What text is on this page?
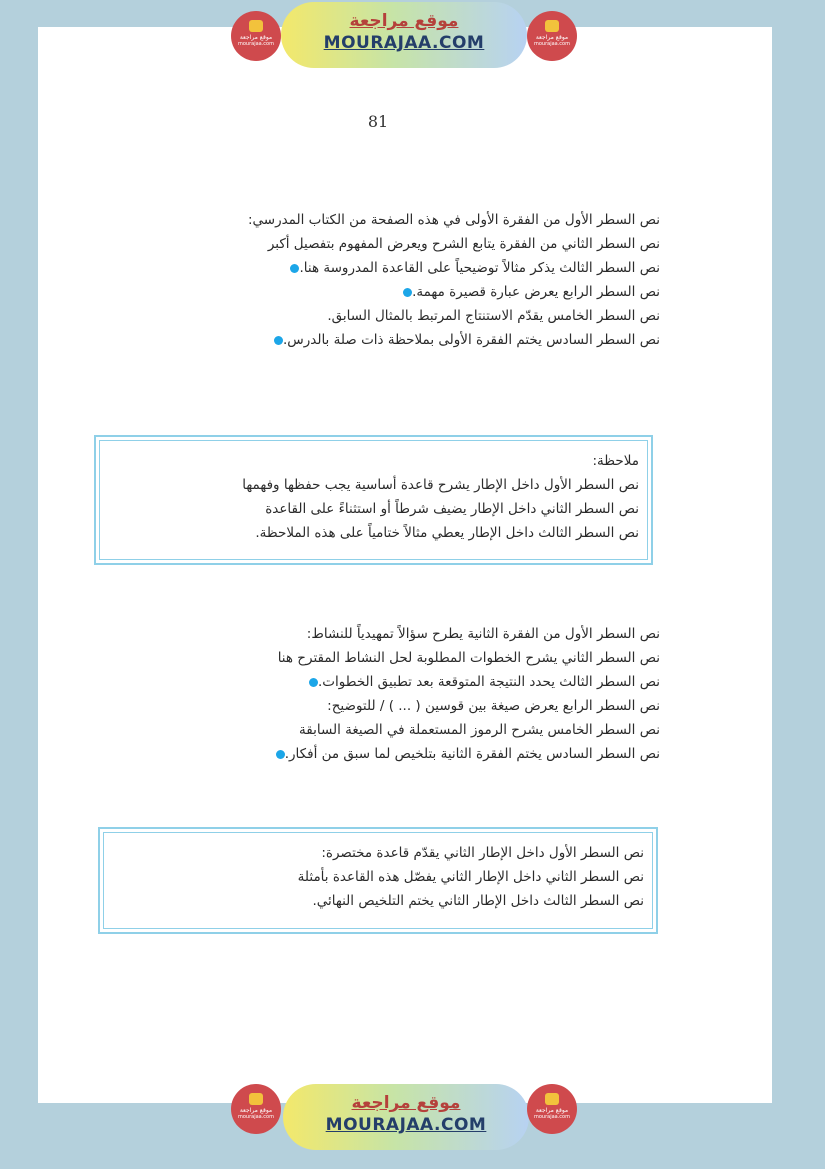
موقع مراجعة
mourajaa.com
موقع مراجعة
MOURAJAA.COM	موقع مراجعة
mourajaa.com
81
نص السطر الأول من الفقرة الأولى في هذه الصفحة من الكتاب المدرسي:
نص السطر الثاني من الفقرة يتابع الشرح ويعرض المفهوم بتفصيل أكبر
نص السطر الثالث يذكر مثالاً توضيحياً على القاعدة المدروسة هنا.
نص السطر الرابع يعرض عبارة قصيرة مهمة.
نص السطر الخامس يقدّم الاستنتاج المرتبط بالمثال السابق.
نص السطر السادس يختم الفقرة الأولى بملاحظة ذات صلة بالدرس.
ملاحظة:
نص السطر الأول داخل الإطار يشرح قاعدة أساسية يجب حفظها وفهمها
نص السطر الثاني داخل الإطار يضيف شرطاً أو استثناءً على القاعدة
نص السطر الثالث داخل الإطار يعطي مثالاً ختامياً على هذه الملاحظة.
نص السطر الأول من الفقرة الثانية يطرح سؤالاً تمهيدياً للنشاط:
نص السطر الثاني يشرح الخطوات المطلوبة لحل النشاط المقترح هنا
نص السطر الثالث يحدد النتيجة المتوقعة بعد تطبيق الخطوات.
نص السطر الرابع يعرض صيغة بين قوسين ( ... ) / للتوضيح:
نص السطر الخامس يشرح الرموز المستعملة في الصيغة السابقة
نص السطر السادس يختم الفقرة الثانية بتلخيص لما سبق من أفكار.
نص السطر الأول داخل الإطار الثاني يقدّم قاعدة مختصرة:
نص السطر الثاني داخل الإطار الثاني يفصّل هذه القاعدة بأمثلة
نص السطر الثالث داخل الإطار الثاني يختم التلخيص النهائي.
موقع مراجعة
mourajaa.com
موقع مراجعة
MOURAJAA.COM
موقع مراجعة
mourajaa.com
